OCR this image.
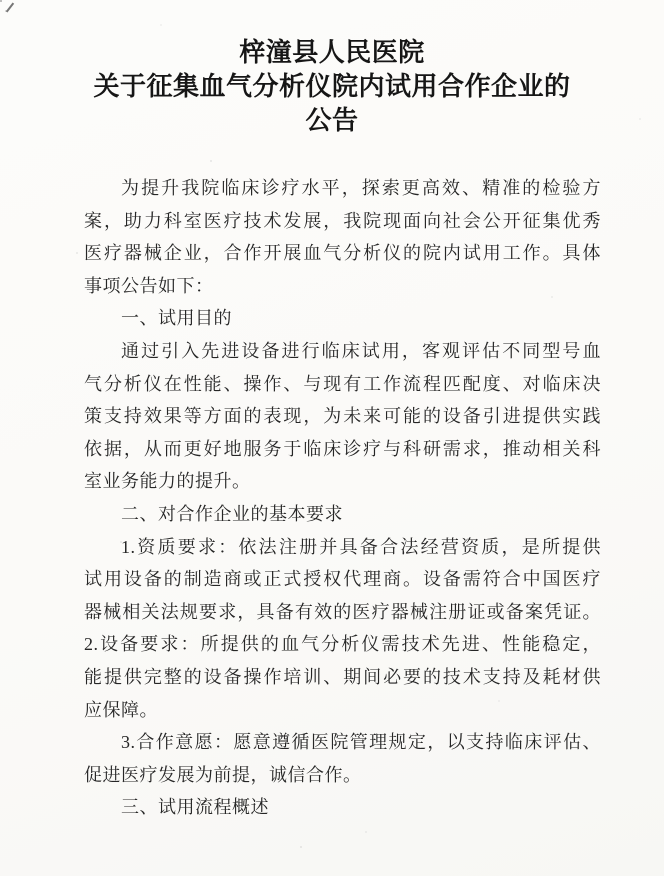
梓潼县人民医院
关于征集血气分析仪院内试用合作企业的
公告
为提升我院临床诊疗水平，探索更高效、精准的检验方
案，助力科室医疗技术发展，我院现面向社会公开征集优秀
医疗器械企业，合作开展血气分析仪的院内试用工作。具体
事项公告如下：
一、试用目的
通过引入先进设备进行临床试用，客观评估不同型号血
气分析仪在性能、操作、与现有工作流程匹配度、对临床决
策支持效果等方面的表现，为未来可能的设备引进提供实践
依据，从而更好地服务于临床诊疗与科研需求，推动相关科
室业务能力的提升。
二、对合作企业的基本要求
1.资质要求：依法注册并具备合法经营资质，是所提供
试用设备的制造商或正式授权代理商。设备需符合中国医疗
器械相关法规要求，具备有效的医疗器械注册证或备案凭证。
2.设备要求：所提供的血气分析仪需技术先进、性能稳定，
能提供完整的设备操作培训、期间必要的技术支持及耗材供
应保障。
3.合作意愿：愿意遵循医院管理规定，以支持临床评估、
促进医疗发展为前提，诚信合作。
三、试用流程概述
